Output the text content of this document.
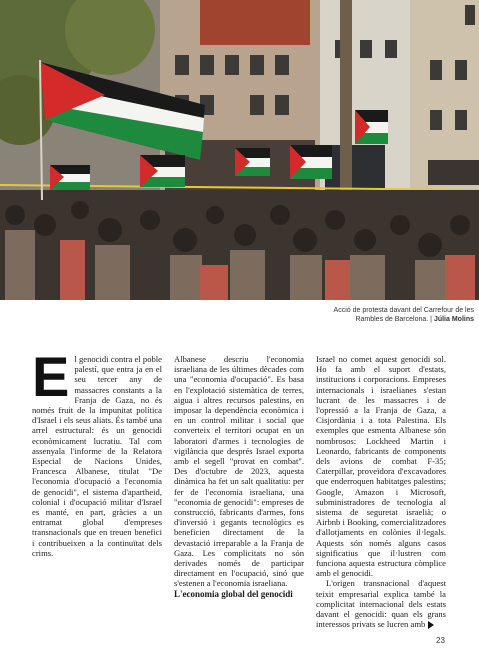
Acció de protesta davant del Carrefour de les Rambles de Barcelona. | Júlia Molins

El genocidi contra el poble palestí, que entra ja en el seu tercer any de massacres constants a la Franja de Gaza, no és només fruit de la impunitat política d'Israel i els seus aliats. És també una arrel estructural: és un genocidi econòmicament lucratiu. Tal com assenyala l'informe de la Relatora Especial de Nacions Unides, Francesca Albanese, titulat "De l'economia d'ocupació a l'economia de genocidi", el sistema d'apartheid, colonial i d'ocupació militar d'Israel es manté, en part, gràcies a un entramat global d'empreses transnacionals que en treuen benefici i contribueixen a la continuïtat dels crims.

Albanese descriu l'economia israeliana de les últimes dècades com una "economia d'ocupació". Es basa en l'explotació sistemàtica de terres, aigua i altres recursos palestins, en imposar la dependència econòmica i en un control militar i social que converteix el territori ocupat en un laboratori d'armes i tecnologies de vigilància que després Israel exporta amb el segell "provat en combat". Des d'octubre de 2023, aquesta dinàmica ha fet un salt qualitatiu: per fer de l'economia israeliana, una "economia de genocidi": empreses de construcció, fabricants d'armes, fons d'inversió i gegants tecnològics es beneficien directament de la devastació irreparable a la Franja de Gaza. Les complicitats no són derivades només de participar directament en l'ocupació, sinó que s'estenen a l'economia israeliana.

L'economia global del genocidi

Israel no comet aquest genocidi sol. Ho fa amb el suport d'estats, institucions i corporacions. Empreses internacionals i israelianes s'estan lucrant de les massacres i de l'opressió a la Franja de Gaza, a Cisjordània i a tota Palestina. Els exemples que esmenta Albanese són nombrosos: Lockheed Martin i Leonardo, fabricants de components dels avions de combat F-35; Caterpillar, proveïdora d'excavadores que enderroquen habitatges palestins; Google, Amazon i Microsoft, subministradores de tecnologia al sistema de seguretat israelià; o Airbnb i Booking, comercialitzadores d'allotjaments en colònies il·legals. Aquests són només alguns casos significatius que il·lustren com funciona aquesta estructura còmplice amb el genocidi.

L'origen transnacional d'aquest teixit empresarial explica també la complicitat internacional dels estats davant el genocidi: quan els grans interessos privats se lucren amb

23
